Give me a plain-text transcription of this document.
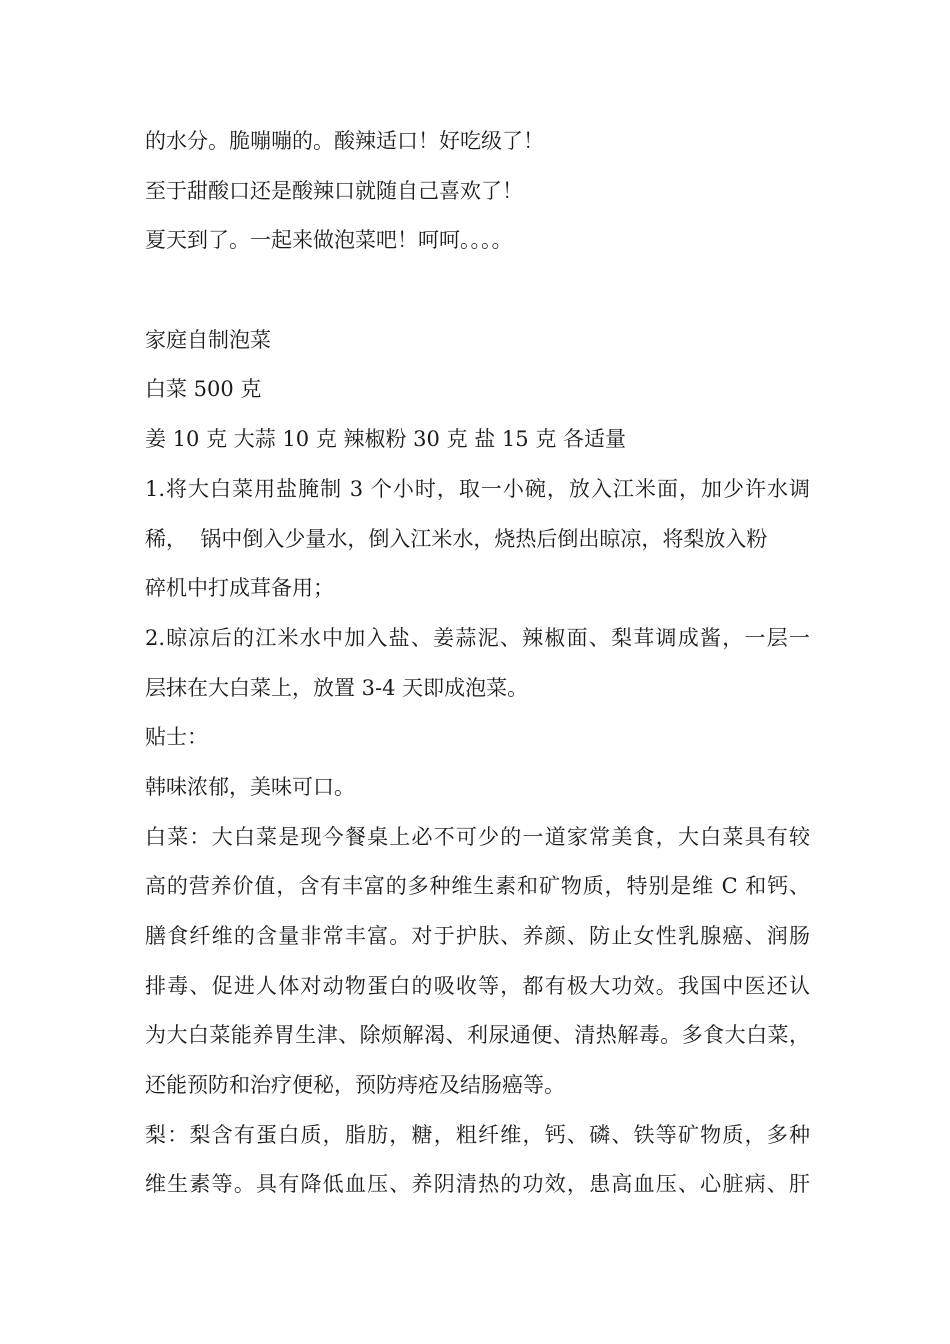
的水分。脆嘣嘣的。酸辣适口！好吃级了！
至于甜酸口还是酸辣口就随自己喜欢了！
夏天到了。一起来做泡菜吧！呵呵。。。。
家庭自制泡菜
白菜 500 克
姜 10 克 大蒜 10 克 辣椒粉 30 克 盐 15 克 各适量
1.将大白菜用盐腌制 3 个小时，取一小碗，放入江米面，加少许水调
稀，  锅中倒入少量水，倒入江米水，烧热后倒出晾凉，将梨放入粉
碎机中打成茸备用；
2.晾凉后的江米水中加入盐、姜蒜泥、辣椒面、梨茸调成酱，一层一
层抹在大白菜上，放置 3-4 天即成泡菜。
贴士：
韩味浓郁，美味可口。
白菜：大白菜是现今餐桌上必不可少的一道家常美食，大白菜具有较
高的营养价值，含有丰富的多种维生素和矿物质，特别是维 C 和钙、
膳食纤维的含量非常丰富。对于护肤、养颜、防止女性乳腺癌、润肠
排毒、促进人体对动物蛋白的吸收等，都有极大功效。我国中医还认
为大白菜能养胃生津、除烦解渴、利尿通便、清热解毒。多食大白菜，
还能预防和治疗便秘，预防痔疮及结肠癌等。
梨：梨含有蛋白质，脂肪，糖，粗纤维，钙、磷、铁等矿物质，多种
维生素等。具有降低血压、养阴清热的功效，患高血压、心脏病、肝
